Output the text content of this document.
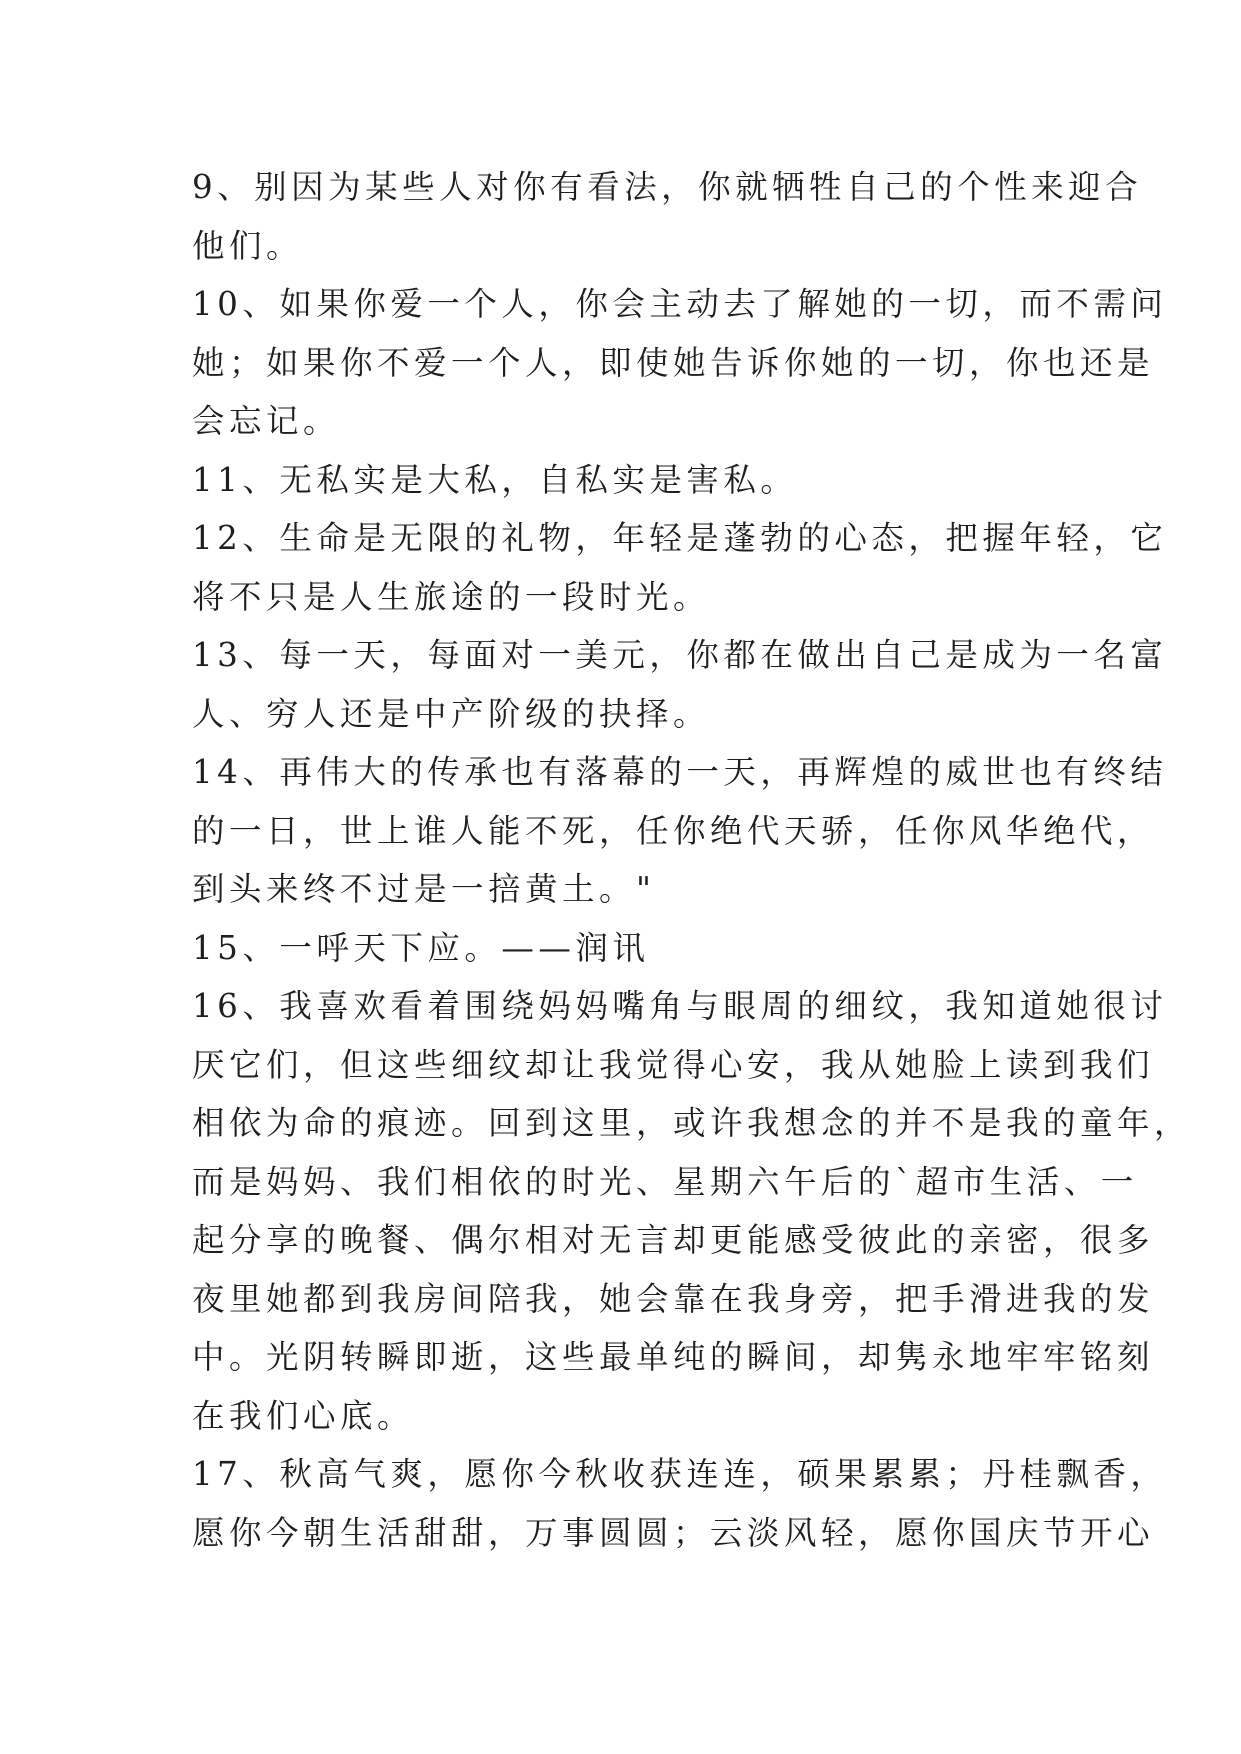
9、别因为某些人对你有看法，你就牺牲自己的个性来迎合
他们。
10、如果你爱一个人，你会主动去了解她的一切，而不需问
她；如果你不爱一个人，即使她告诉你她的一切，你也还是
会忘记。
11、无私实是大私，自私实是害私。
12、生命是无限的礼物，年轻是蓬勃的心态，把握年轻，它
将不只是人生旅途的一段时光。
13、每一天，每面对一美元，你都在做出自己是成为一名富
人、穷人还是中产阶级的抉择。
14、再伟大的传承也有落幕的一天，再辉煌的威世也有终结
的一日，世上谁人能不死，任你绝代天骄，任你风华绝代，
到头来终不过是一掊黄土。"
15、一呼天下应。——润讯
16、我喜欢看着围绕妈妈嘴角与眼周的细纹，我知道她很讨
厌它们，但这些细纹却让我觉得心安，我从她脸上读到我们
相依为命的痕迹。回到这里，或许我想念的并不是我的童年，
而是妈妈、我们相依的时光、星期六午后的`超市生活、一
起分享的晚餐、偶尔相对无言却更能感受彼此的亲密，很多
夜里她都到我房间陪我，她会靠在我身旁，把手滑进我的发
中。光阴转瞬即逝，这些最单纯的瞬间，却隽永地牢牢铭刻
在我们心底。
17、秋高气爽，愿你今秋收获连连，硕果累累；丹桂飘香，
愿你今朝生活甜甜，万事圆圆；云淡风轻，愿你国庆节开心
